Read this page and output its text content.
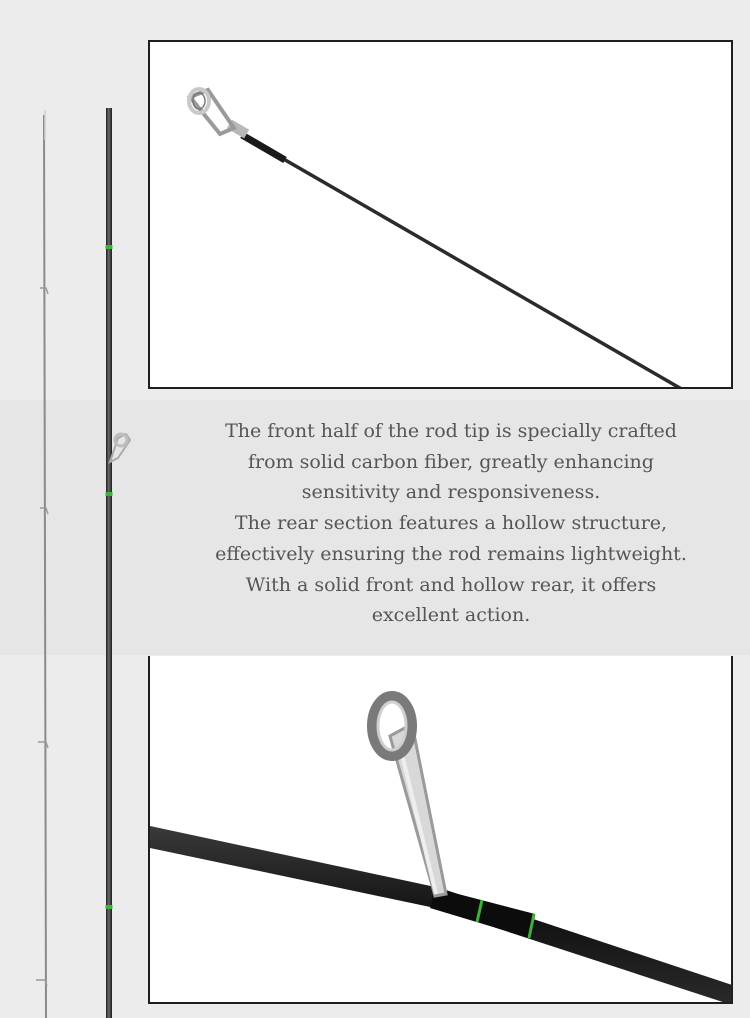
The front half of the rod tip is specially crafted

from solid carbon fiber, greatly enhancing

sensitivity and responsiveness.

The rear section features a hollow structure,

effectively ensuring the rod remains lightweight.

With a solid front and hollow rear, it offers

excellent action.
